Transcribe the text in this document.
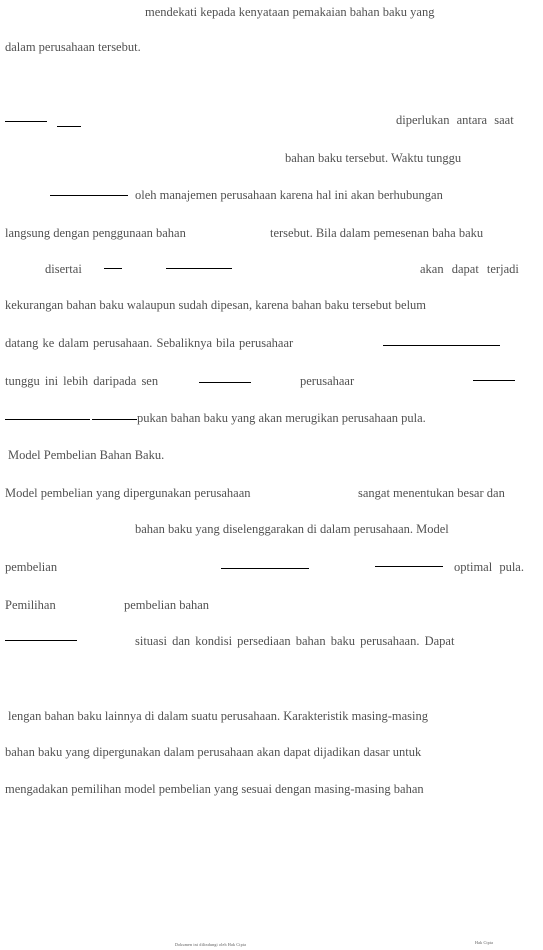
mendekati kepada kenyataan pemakaian bahan baku yang
dalam perusahaan tersebut.
diperlukan antara saat
bahan baku tersebut. Waktu tunggu
oleh manajemen perusahaan karena hal ini akan berhubungan
langsung dengan penggunaan bahan	tersebut. Bila dalam pemesenan baha baku
disertai	akan dapat terjadi
kekurangan bahan baku walaupun sudah dipesan, karena bahan baku tersebut belum
datang ke dalam perusahaan. Sebaliknya bila perusahaar
tunggu ini lebih daripada sen	perusahaar
pukan bahan baku yang akan merugikan perusahaan pula.
Model Pembelian Bahan Baku.
Model pembelian yang dipergunakan perusahaan	sangat menentukan besar dan
bahan baku yang diselenggarakan di dalam perusahaan. Model
pembelian	optimal pula.
Pemilihan	pembelian bahan
situasi dan kondisi persediaan bahan baku perusahaan. Dapat
lengan bahan baku lainnya di dalam suatu perusahaan. Karakteristik masing-masing
bahan baku yang dipergunakan dalam perusahaan akan dapat dijadikan dasar untuk
mengadakan pemilihan model pembelian yang sesuai dengan masing-masing bahan
Dokumen ini dilindungi oleh Hak Cipta	Hak Cipta
